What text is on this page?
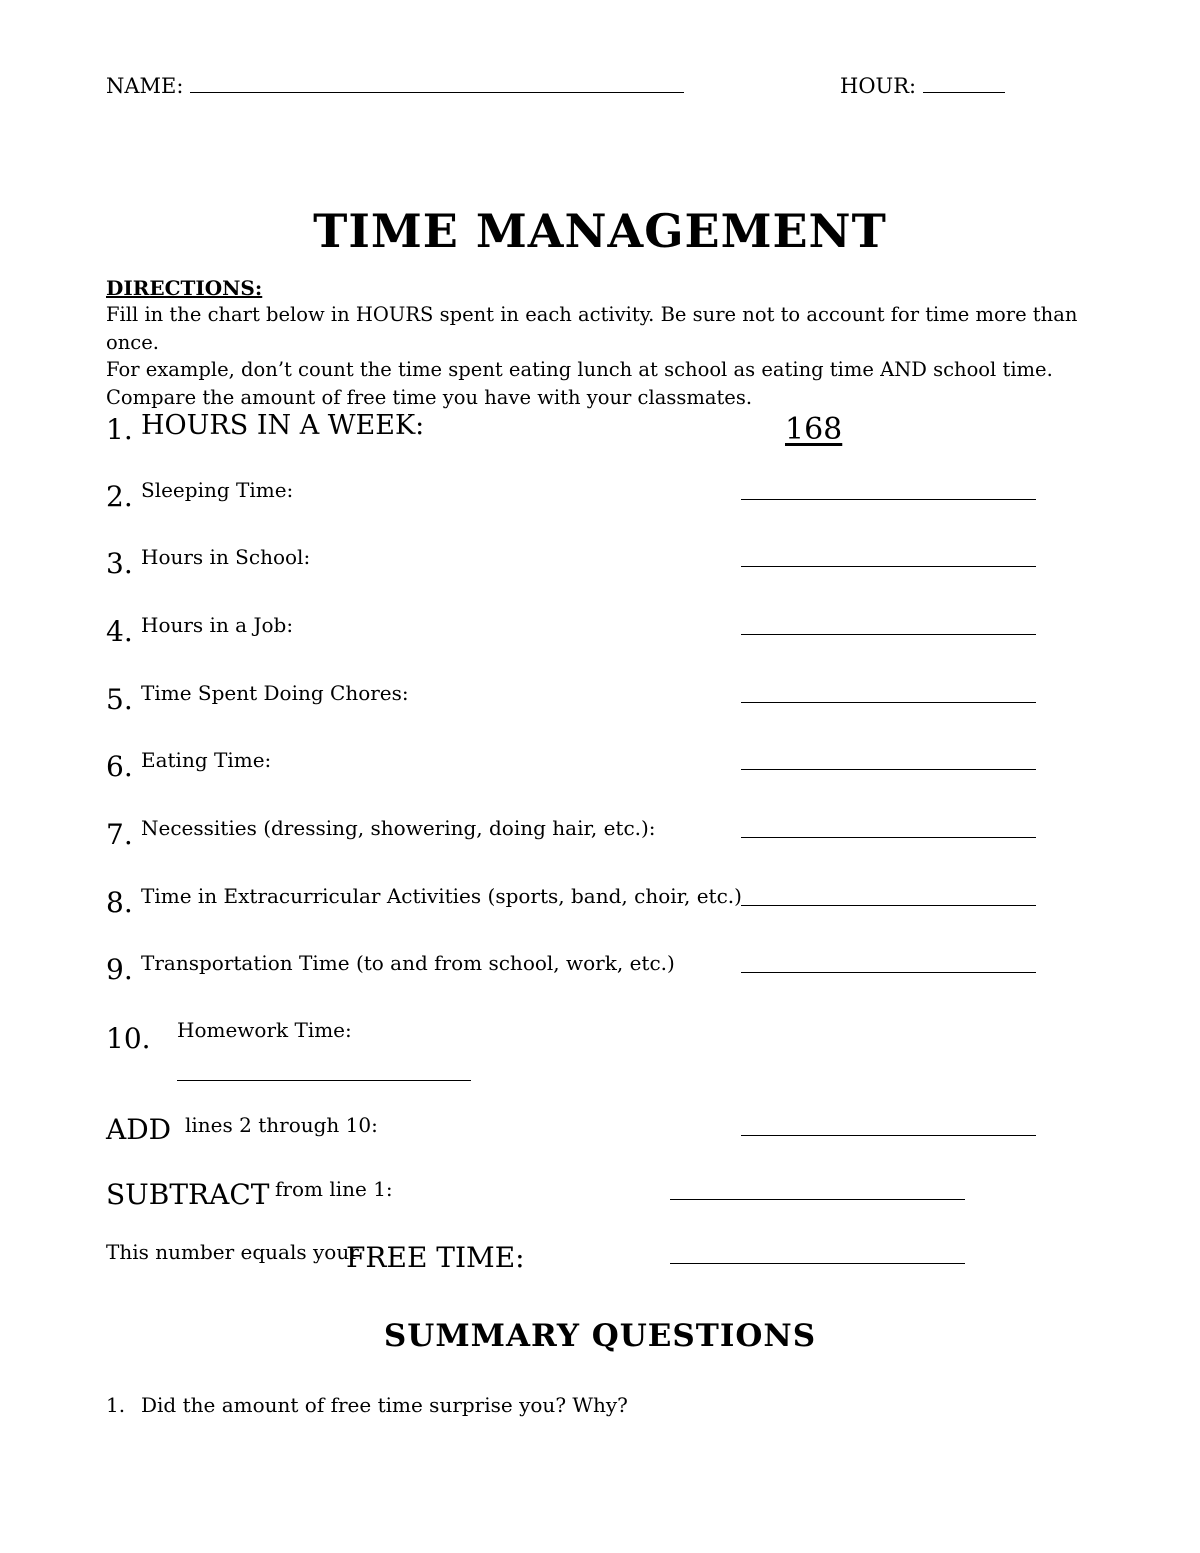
NAME:	HOUR:
TIME MANAGEMENT
DIRECTIONS:
Fill in the chart below in HOURS spent in each activity. Be sure not to account for time more than once.
For example, don’t count the time spent eating lunch at school as eating time AND school time.
Compare the amount of free time you have with your classmates.
1. HOURS IN A WEEK:	168
2. Sleeping Time:
3. Hours in School:
4. Hours in a Job:
5. Time Spent Doing Chores:
6. Eating Time:
7. Necessities (dressing, showering, doing hair, etc.):
8. Time in Extracurricular Activities (sports, band, choir, etc.)
9. Transportation Time (to and from school, work, etc.)
10. Homework Time:
ADD lines 2 through 10:
SUBTRACT from line 1:
This number equals your
FREE TIME:
SUMMARY QUESTIONS
1. Did the amount of free time surprise you? Why?
